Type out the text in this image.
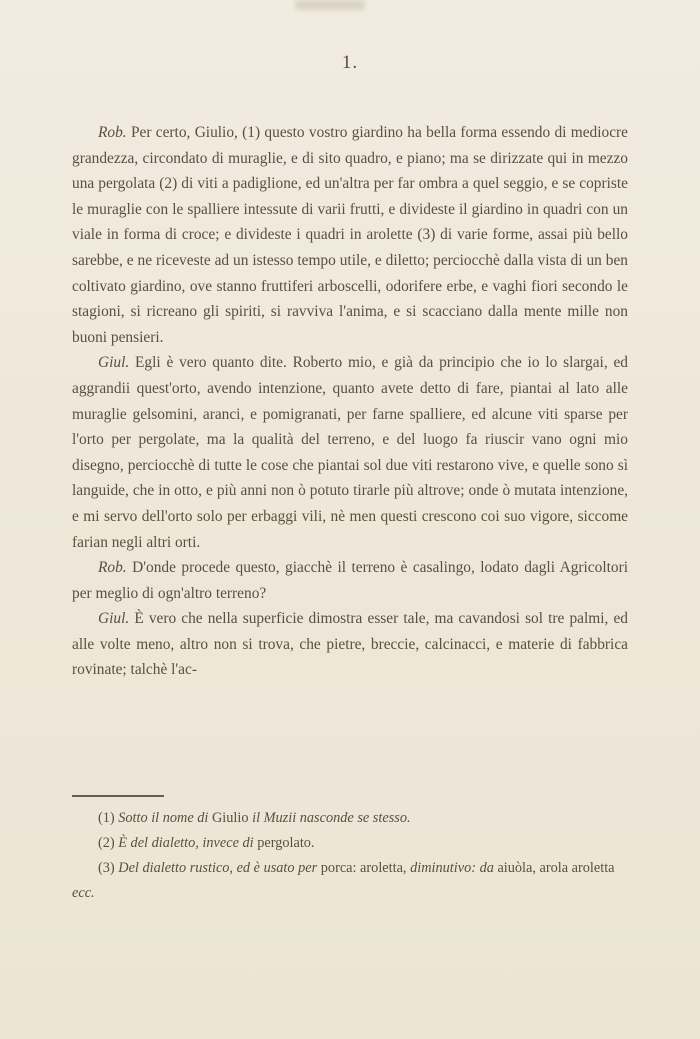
1.

Rob. Per certo, Giulio, (1) questo vostro giardino ha bella forma essendo di mediocre grandezza, circondato di muraglie, e di sito quadro, e piano; ma se dirizzate qui in mezzo una pergolata (2) di viti a padiglione, ed un'altra per far ombra a quel seggio, e se copriste le muraglie con le spalliere intessute di varii frutti, e dividestе il giardino in quadri con un viale in forma di croce; e dividestе i quadri in arolette (3) di varie forme, assai più bello sarebbe, e ne riceveste ad un istesso tempo utile, e diletto; perciocchè dalla vista di un ben coltivato giardino, ove stanno fruttiferi arboscelli, odorifere erbe, e vaghi fiori secondo le stagioni, si ricreano gli spiriti, si ravviva l'anima, e si scacciano dalla mente mille non buoni pensieri.

Giul. Egli è vero quanto dite. Roberto mio, e già da principio che io lo slargai, ed aggrandii quest'orto, avendo intenzione, quanto avete detto di fare, piantai al lato alle muraglie gelsomini, aranci, e pomigranati, per farne spalliere, ed alcune viti sparse per l'orto per pergolate, ma la qualità del terreno, e del luogo fa riuscir vano ogni mio disegno, perciocchè di tutte le cose che piantai sol due viti restarono vive, e quelle sono sì languide, che in otto, e più anni non ò potuto tirarle più altrove; onde ò mutata intenzione, e mi servo dell'orto solo per erbaggi vili, nè men questi crescono coi suo vigore, siccome farian negli altri orti.

Rob. D'onde procede questo, giacchè il terreno è casalingo, lodato dagli Agricoltori per meglio di ogn'altro terreno?

Giul. È vero che nella superficie dimostra esser tale, ma cavandosi sol tre palmi, ed alle volte meno, altro non si trova, che pietre, breccie, calcinacci, e materie di fabbrica rovinate; talchè l'ac-

(1) Sotto il nome di Giulio il Muzii nasconde se stesso.

(2) È del dialetto, invece di pergolato.

(3) Del dialetto rustico, ed è usato per porca: aroletta, diminutivo: da aiuòla, arola aroletta ecc.
